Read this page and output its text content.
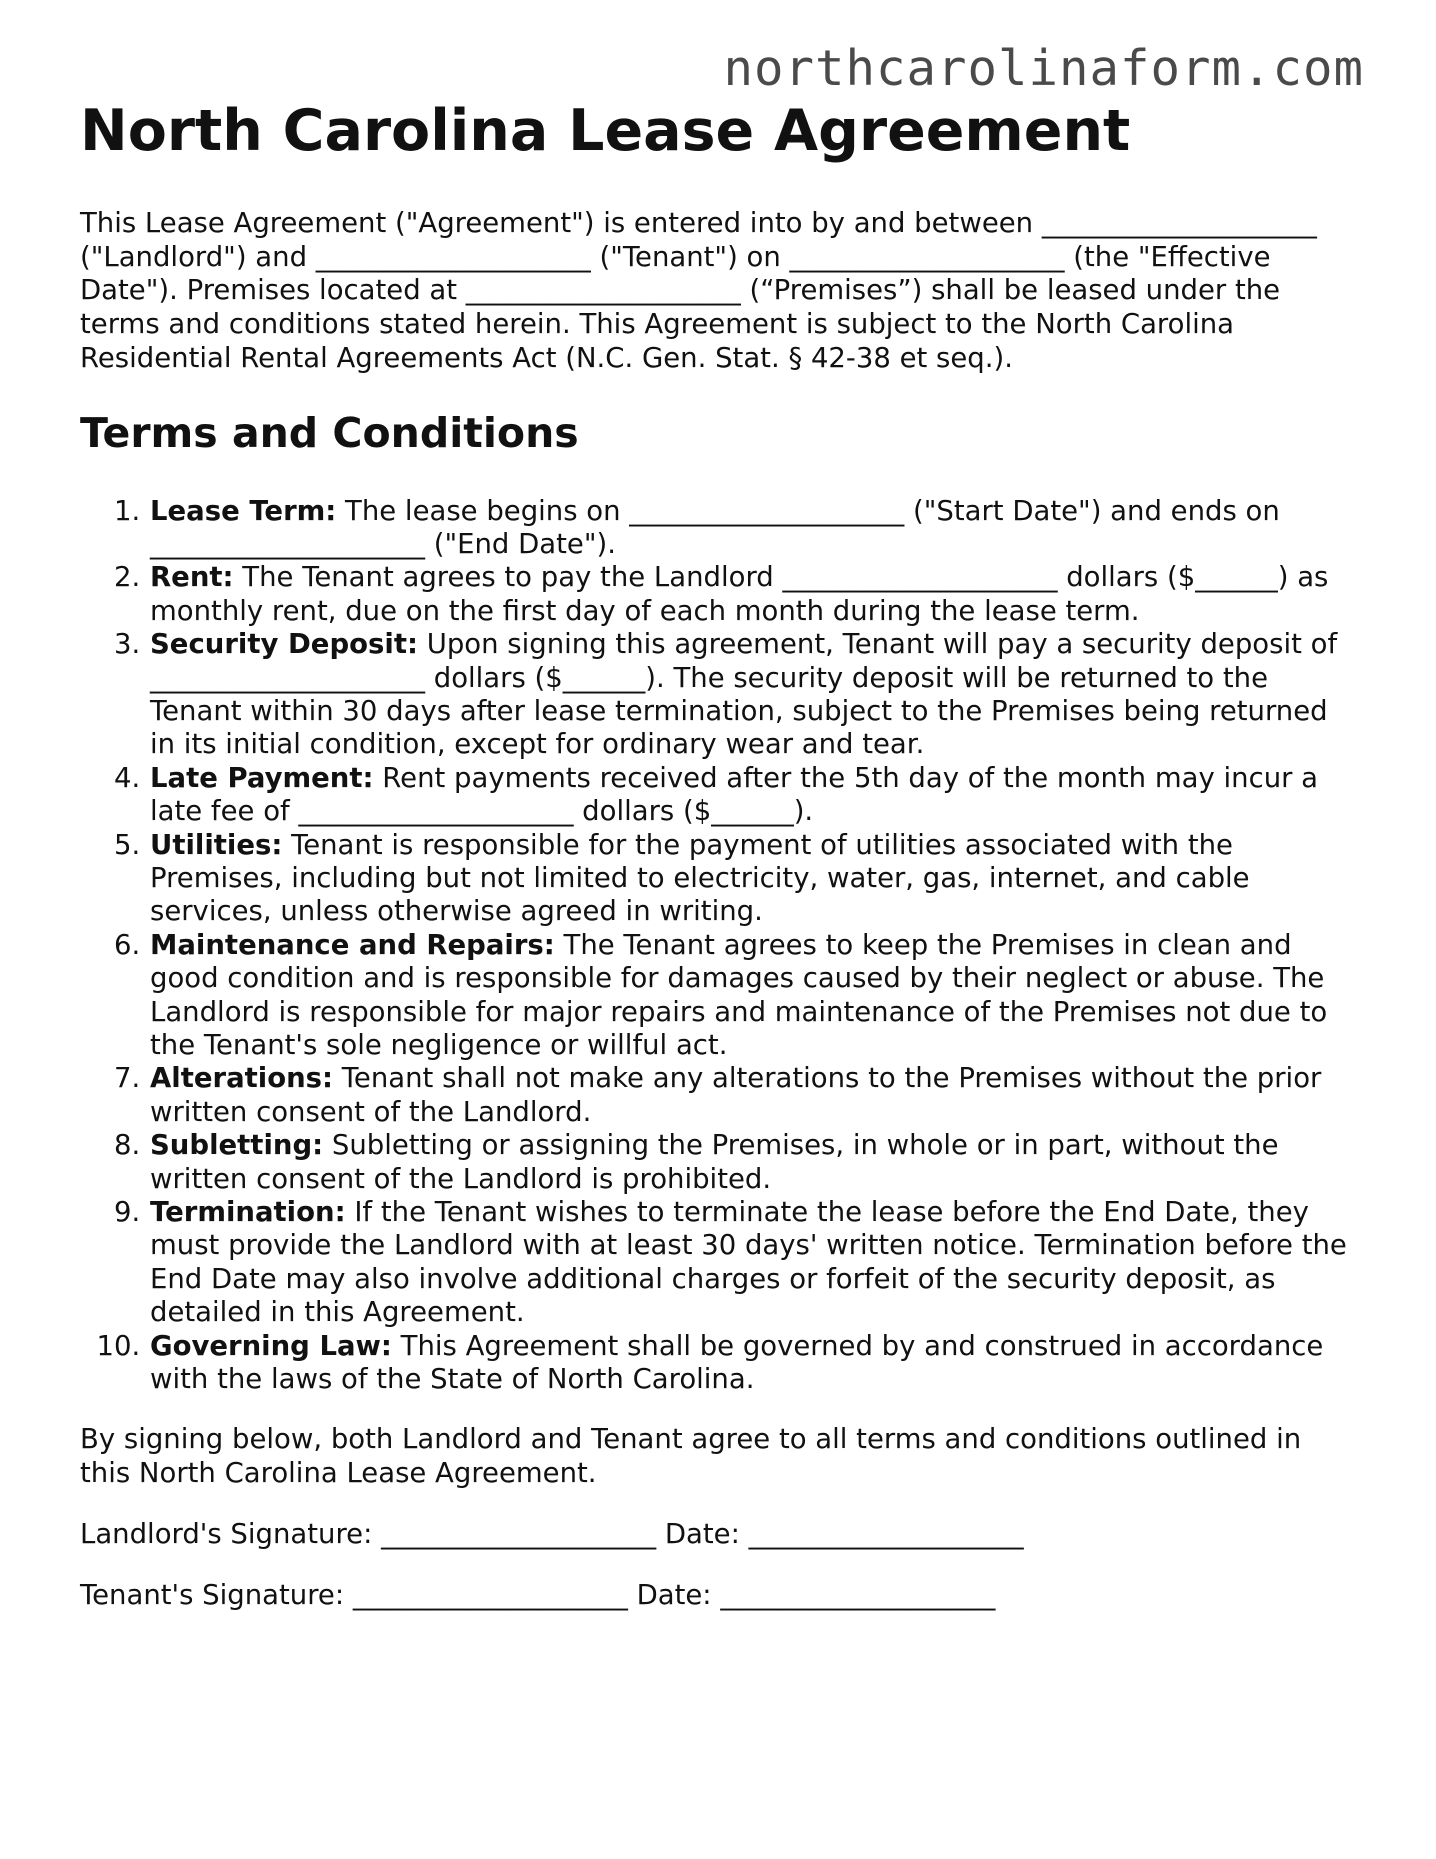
northcarolinaform.com
North Carolina Lease Agreement

This Lease Agreement ("Agreement") is entered into by and between ____________________ ("Landlord") and ____________________ ("Tenant") on ____________________ (the "Effective Date"). Premises located at ____________________ (“Premises”) shall be leased under the terms and conditions stated herein. This Agreement is subject to the North Carolina Residential Rental Agreements Act (N.C. Gen. Stat. § 42-38 et seq.).

Terms and Conditions
1. Lease Term: The lease begins on ____________________ ("Start Date") and ends on ____________________ ("End Date").
2. Rent: The Tenant agrees to pay the Landlord ____________________ dollars ($______) as monthly rent, due on the first day of each month during the lease term.
3. Security Deposit: Upon signing this agreement, Tenant will pay a security deposit of ____________________ dollars ($______). The security deposit will be returned to the Tenant within 30 days after lease termination, subject to the Premises being returned in its initial condition, except for ordinary wear and tear.
4. Late Payment: Rent payments received after the 5th day of the month may incur a late fee of ____________________ dollars ($______).
5. Utilities: Tenant is responsible for the payment of utilities associated with the Premises, including but not limited to electricity, water, gas, internet, and cable services, unless otherwise agreed in writing.
6. Maintenance and Repairs: The Tenant agrees to keep the Premises in clean and good condition and is responsible for damages caused by their neglect or abuse. The Landlord is responsible for major repairs and maintenance of the Premises not due to the Tenant's sole negligence or willful act.
7. Alterations: Tenant shall not make any alterations to the Premises without the prior written consent of the Landlord.
8. Subletting: Subletting or assigning the Premises, in whole or in part, without the written consent of the Landlord is prohibited.
9. Termination: If the Tenant wishes to terminate the lease before the End Date, they must provide the Landlord with at least 30 days' written notice. Termination before the End Date may also involve additional charges or forfeit of the security deposit, as detailed in this Agreement.
10. Governing Law: This Agreement shall be governed by and construed in accordance with the laws of the State of North Carolina.

By signing below, both Landlord and Tenant agree to all terms and conditions outlined in this North Carolina Lease Agreement.

Landlord's Signature: ____________________ Date: ____________________
Tenant's Signature: ____________________ Date: ____________________
